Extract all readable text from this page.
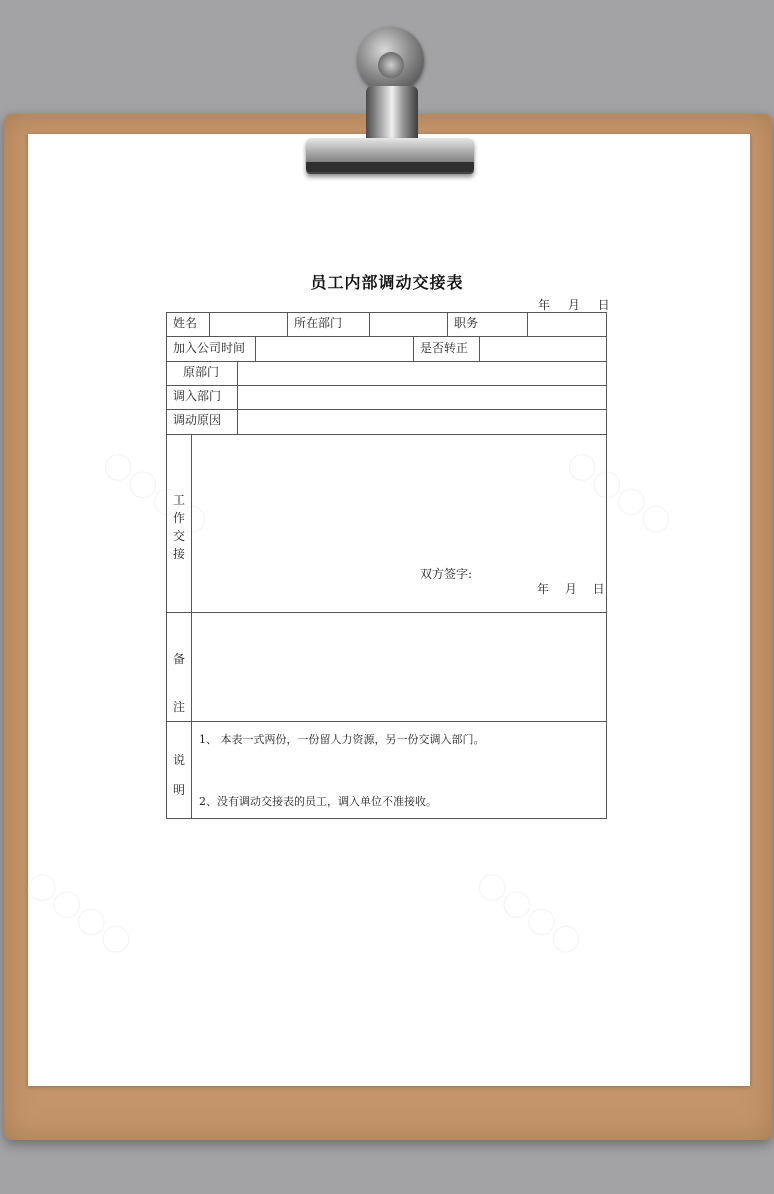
员工内部调动交接表
年 月 日
姓名	所在部门	职务
加入公司时间	是否转正
原部门
调入部门
调动原因
工
作
交
接
双方签字:
年 月 日
备
注
说
明
1、 本表一式两份，一份留人力资源，另一份交调入部门。
2、没有调动交接表的员工，调入单位不准接收。
